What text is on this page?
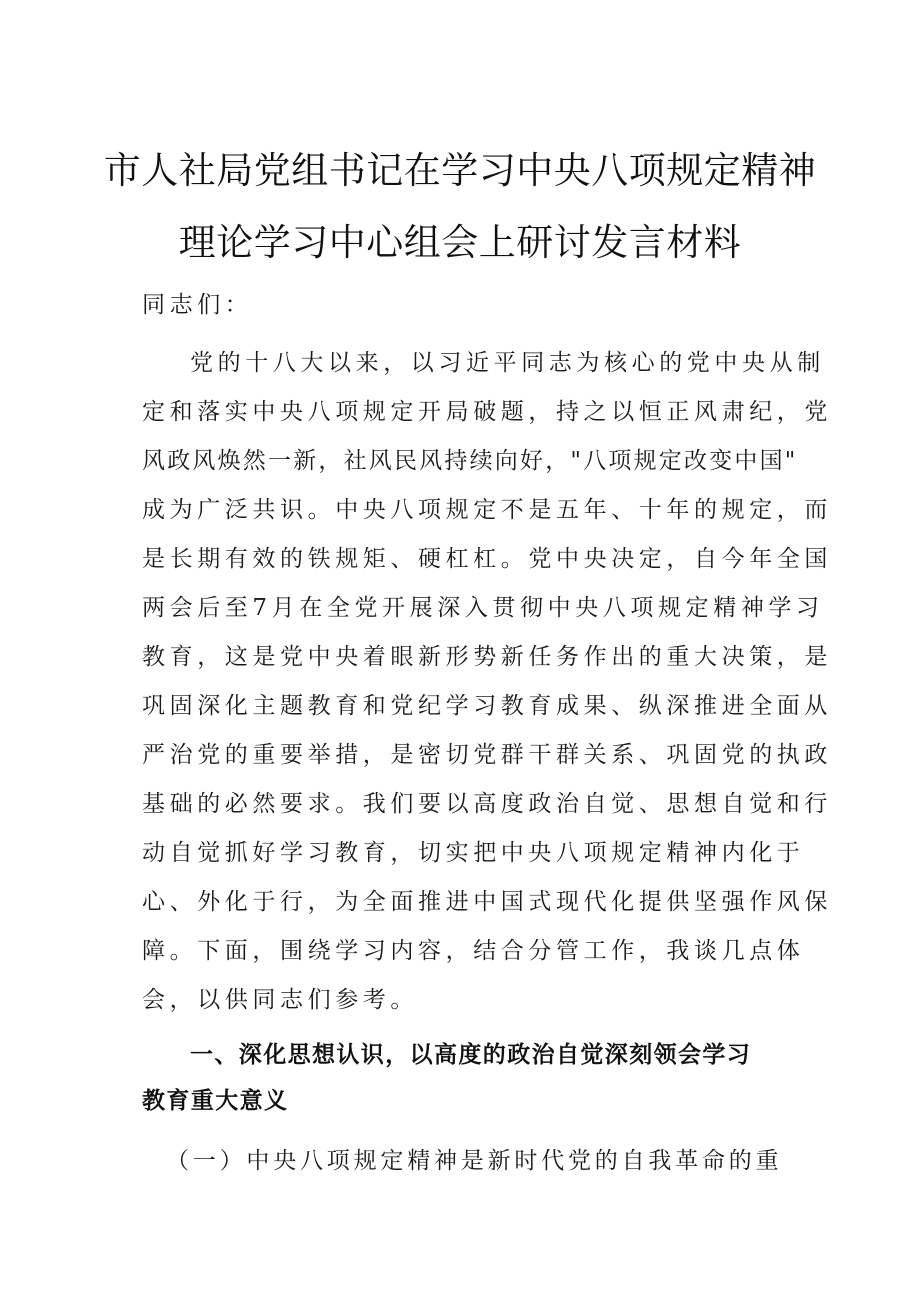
市人社局党组书记在学习中央八项规定精神
理论学习中心组会上研讨发言材料
同志们：
党的十八大以来，以习近平同志为核心的党中央从制
定和落实中央八项规定开局破题，持之以恒正风肃纪，党
风政风焕然一新，社风民风持续向好，"八项规定改变中国"
成为广泛共识。中央八项规定不是五年、十年的规定，而
是长期有效的铁规矩、硬杠杠。党中央决定，自今年全国
两会后至7月在全党开展深入贯彻中央八项规定精神学习
教育，这是党中央着眼新形势新任务作出的重大决策，是
巩固深化主题教育和党纪学习教育成果、纵深推进全面从
严治党的重要举措，是密切党群干群关系、巩固党的执政
基础的必然要求。我们要以高度政治自觉、思想自觉和行
动自觉抓好学习教育，切实把中央八项规定精神内化于
心、外化于行，为全面推进中国式现代化提供坚强作风保
障。下面，围绕学习内容，结合分管工作，我谈几点体
会，以供同志们参考。
一、深化思想认识，以高度的政治自觉深刻领会学习
教育重大意义
（一）中央八项规定精神是新时代党的自我革命的重
